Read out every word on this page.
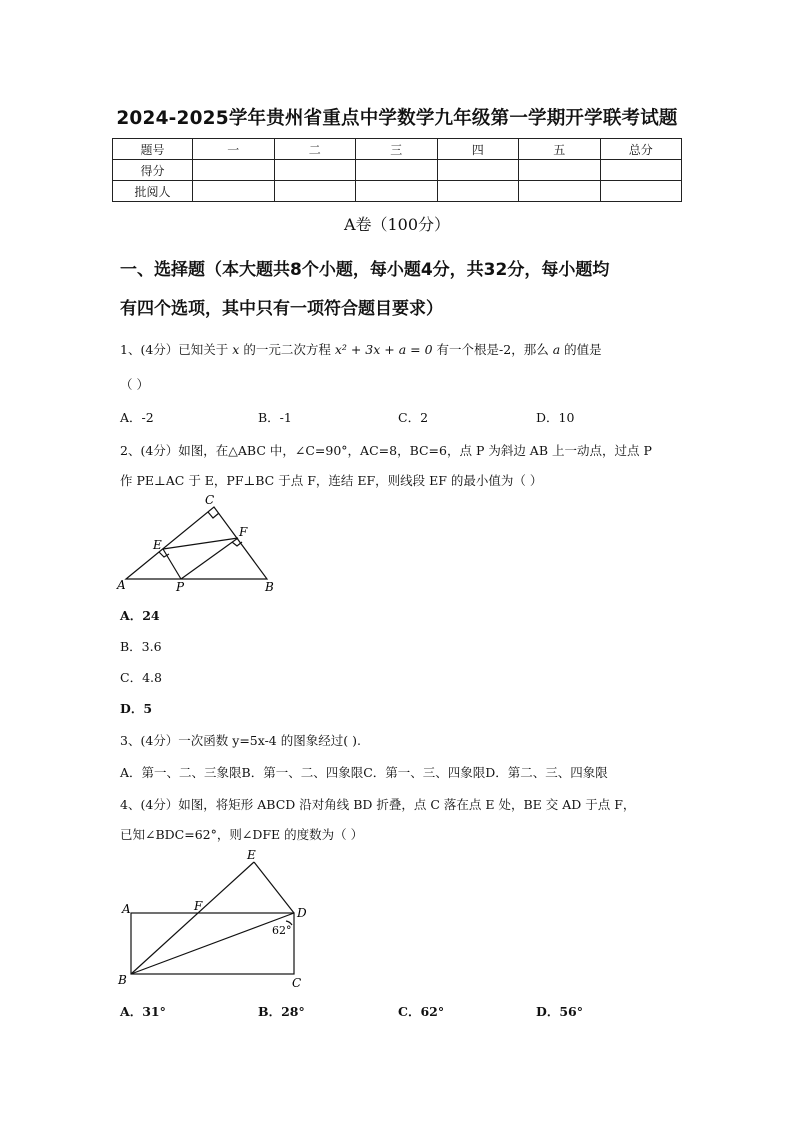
2024-2025学年贵州省重点中学数学九年级第一学期开学联考试题
题号	一	二	三	四	五	总分
得分						
批阅人						
A卷（100分）
一、选择题（本大题共8个小题，每小题4分，共32分，每小题均
有四个选项，其中只有一项符合题目要求）
1、(4分）已知关于 x 的一元二次方程 x² + 3x + a = 0 有一个根是-2，那么 a 的值是
（ ）
A．-2	B．-1	C．2	D．10
2、(4分）如图，在△ABC 中，∠C=90°，AC=8，BC=6，点 P 为斜边 AB 上一动点，过点 P
作 PE⊥AC 于 E，PF⊥BC 于点 F，连结 EF，则线段 EF 的最小值为（ ）
C
F
E
A	P	B
A．24
B．3.6
C．4.8
D．5
3、(4分）一次函数 y=5x-4 的图象经过( ).
A．第一、二、三象限B．第一、二、四象限C．第一、三、四象限D．第二、三、四象限
4、(4分）如图，将矩形 ABCD 沿对角线 BD 折叠，点 C 落在点 E 处，BE 交 AD 于点 F，
已知∠BDC=62°，则∠DFE 的度数为（ ）
E
A	F	D
B	C
62°
A．31°	B．28°	C．62°	D．56°
